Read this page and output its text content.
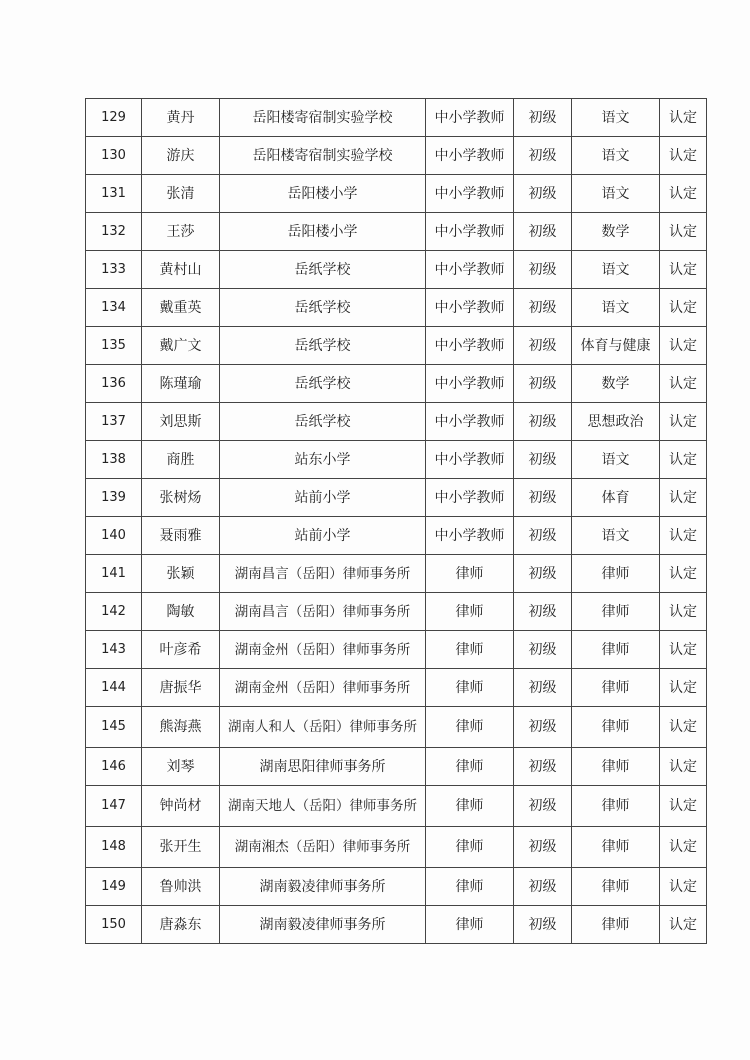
129	黄丹	岳阳楼寄宿制实验学校	中小学教师	初级	语文	认定
130	游庆	岳阳楼寄宿制实验学校	中小学教师	初级	语文	认定
131	张清	岳阳楼小学	中小学教师	初级	语文	认定
132	王莎	岳阳楼小学	中小学教师	初级	数学	认定
133	黄村山	岳纸学校	中小学教师	初级	语文	认定
134	戴重英	岳纸学校	中小学教师	初级	语文	认定
135	戴广文	岳纸学校	中小学教师	初级	体育与健康	认定
136	陈瑾瑜	岳纸学校	中小学教师	初级	数学	认定
137	刘思斯	岳纸学校	中小学教师	初级	思想政治	认定
138	商胜	站东小学	中小学教师	初级	语文	认定
139	张树炀	站前小学	中小学教师	初级	体育	认定
140	聂雨雅	站前小学	中小学教师	初级	语文	认定
141	张颖	湖南昌言（岳阳）律师事务所	律师	初级	律师	认定
142	陶敏	湖南昌言（岳阳）律师事务所	律师	初级	律师	认定
143	叶彦希	湖南金州（岳阳）律师事务所	律师	初级	律师	认定
144	唐振华	湖南金州（岳阳）律师事务所	律师	初级	律师	认定
145	熊海燕	湖南人和人（岳阳）律师事务所	律师	初级	律师	认定
146	刘琴	湖南思阳律师事务所	律师	初级	律师	认定
147	钟尚材	湖南天地人（岳阳）律师事务所	律师	初级	律师	认定
148	张开生	湖南湘杰（岳阳）律师事务所	律师	初级	律师	认定
149	鲁帅洪	湖南毅凌律师事务所	律师	初级	律师	认定
150	唐淼东	湖南毅凌律师事务所	律师	初级	律师	认定
